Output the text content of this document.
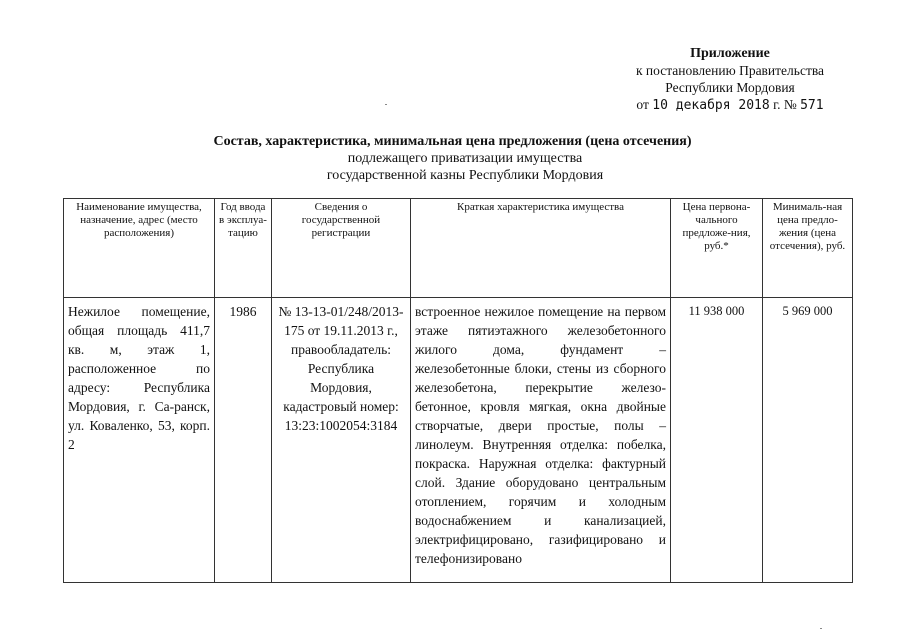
Приложение
к постановлению Правительства
Республики Мордовия
от 10 декабря 2018 г. № 571
Состав, характеристика, минимальная цена предложения (цена отсечения)
подлежащего приватизации имущества
государственной казны Республики Мордовия
Наименование имущества, назначение, адрес (место расположения)	Год ввода в эксплуа-тацию	Сведения о государственной регистрации	Краткая характеристика имущества	Цена первона-чального предложе-ния, руб.*	Минималь-ная цена предло-жения (цена отсечения), руб.
Нежилое помещение, общая площадь 411,7 кв. м, этаж 1, расположенное по адресу: Республика Мордовия, г. Са-ранск, ул. Коваленко, 53, корп. 2	1986	№ 13-13-01/248/2013-175 от 19.11.2013 г., правообладатель: Республика Мордовия, кадастровый номер: 13:23:1002054:3184	встроенное нежилое помещение на первом этаже пятиэтажного железобетонного жилого дома, фундамент – железобетонные блоки, стены из сборного железобетона, перекрытие железо-бетонное, кровля мягкая, окна двойные створчатые, двери простые, полы – линолеум. Внутренняя отделка: побелка, покраска. Наружная отделка: фактурный слой. Здание оборудовано центральным отоплением, горячим и холодным водоснабжением и канализацией, электрифицировано, газифицировано и телефонизировано	11 938 000	5 969 000
